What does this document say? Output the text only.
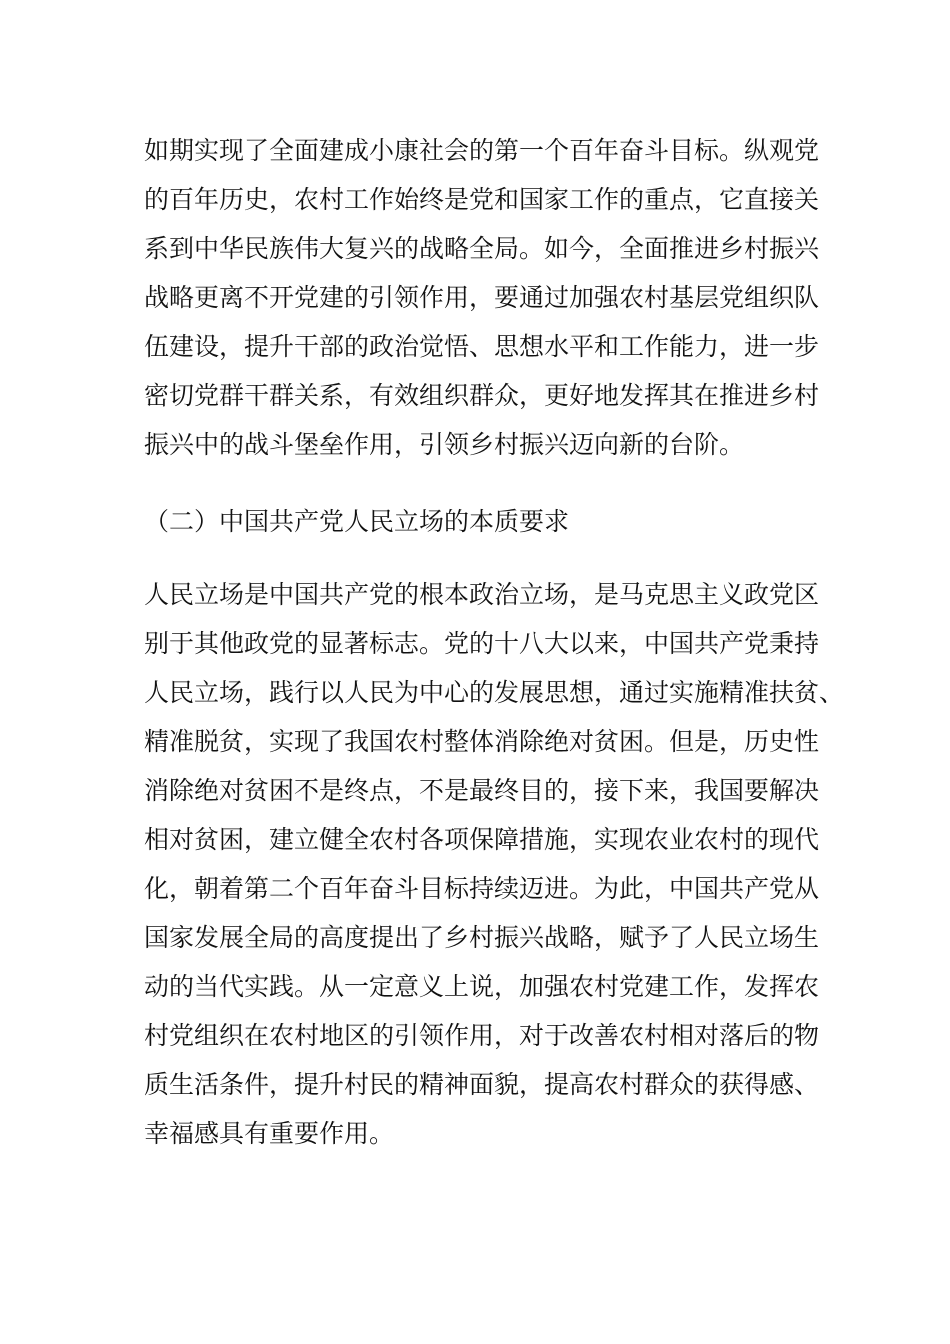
如期实现了全面建成小康社会的第一个百年奋斗目标。纵观党
的百年历史，农村工作始终是党和国家工作的重点，它直接关
系到中华民族伟大复兴的战略全局。如今，全面推进乡村振兴
战略更离不开党建的引领作用，要通过加强农村基层党组织队
伍建设，提升干部的政治觉悟、思想水平和工作能力，进一步
密切党群干群关系，有效组织群众，更好地发挥其在推进乡村
振兴中的战斗堡垒作用，引领乡村振兴迈向新的台阶。
（二）中国共产党人民立场的本质要求
人民立场是中国共产党的根本政治立场，是马克思主义政党区
别于其他政党的显著标志。党的十八大以来，中国共产党秉持
人民立场，践行以人民为中心的发展思想，通过实施精准扶贫、
精准脱贫，实现了我国农村整体消除绝对贫困。但是，历史性
消除绝对贫困不是终点，不是最终目的，接下来，我国要解决
相对贫困，建立健全农村各项保障措施，实现农业农村的现代
化，朝着第二个百年奋斗目标持续迈进。为此，中国共产党从
国家发展全局的高度提出了乡村振兴战略，赋予了人民立场生
动的当代实践。从一定意义上说，加强农村党建工作，发挥农
村党组织在农村地区的引领作用，对于改善农村相对落后的物
质生活条件，提升村民的精神面貌，提高农村群众的获得感、
幸福感具有重要作用。
